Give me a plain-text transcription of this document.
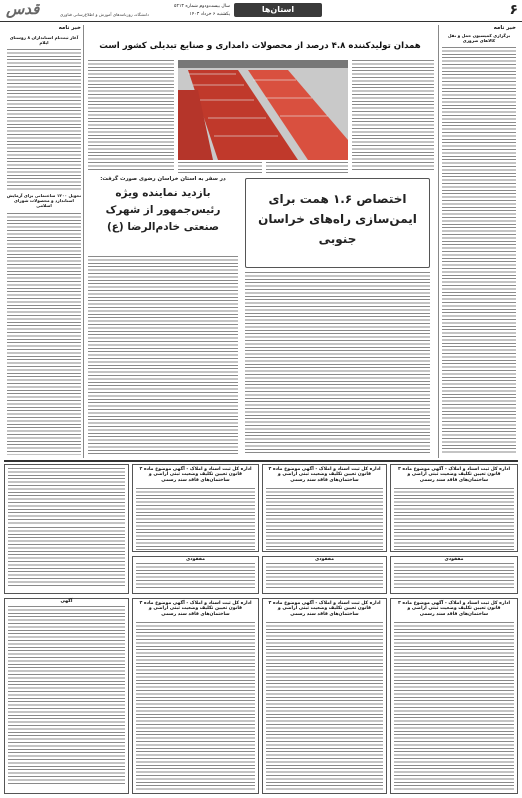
۶
استان‌ها
سال بیست‌ودوم شماره ۵۲۱۳
یکشنبه ۶ خرداد ۱۴۰۳
دانشگاه، روزنامه‌های آموزش و اطلاع‌رسانی فناوری
قدس
خبر نامه
برگزاری کمیسیون حمل و نقل کالاهای ضروری
همدان تولیدکننده ۴.۸ درصد از محصولات دامداری و صنایع تبدیلی کشور است
در سفر به استان خراسان رضوی صورت گرفت:
بازدید نماینده ویژه رئیس‌جمهور از شهرک صنعتی خادم‌الرضا (ع)
اختصاص ۱.۶ همت برای ایمن‌سازی راه‌های خراسان جنوبی
خبر نامه
آغاز ثبت‌نام استانداران ۸ روستای ایلام
تحویل ۱۲۰۰ ساختمانی برای آزمایش استاندارد و محصولات شورای اسلامی
اداره کل ثبت اسناد و املاک - آگهی موضوع ماده ۳ قانون تعیین تکلیف وضعیت ثبتی اراضی و ساختمان‌های فاقد سند رسمی
اداره کل ثبت اسناد و املاک - آگهی موضوع ماده ۳ قانون تعیین تکلیف وضعیت ثبتی اراضی و ساختمان‌های فاقد سند رسمی
اداره کل ثبت اسناد و املاک - آگهی موضوع ماده ۳ قانون تعیین تکلیف وضعیت ثبتی اراضی و ساختمان‌های فاقد سند رسمی
مفقودی
مفقودی
مفقودی
اداره کل ثبت اسناد و املاک - آگهی موضوع ماده ۳ قانون تعیین تکلیف وضعیت ثبتی اراضی و ساختمان‌های فاقد سند رسمی
اداره کل ثبت اسناد و املاک - آگهی موضوع ماده ۳ قانون تعیین تکلیف وضعیت ثبتی اراضی و ساختمان‌های فاقد سند رسمی
اداره کل ثبت اسناد و املاک - آگهی موضوع ماده ۳ قانون تعیین تکلیف وضعیت ثبتی اراضی و ساختمان‌های فاقد سند رسمی
آگهی
